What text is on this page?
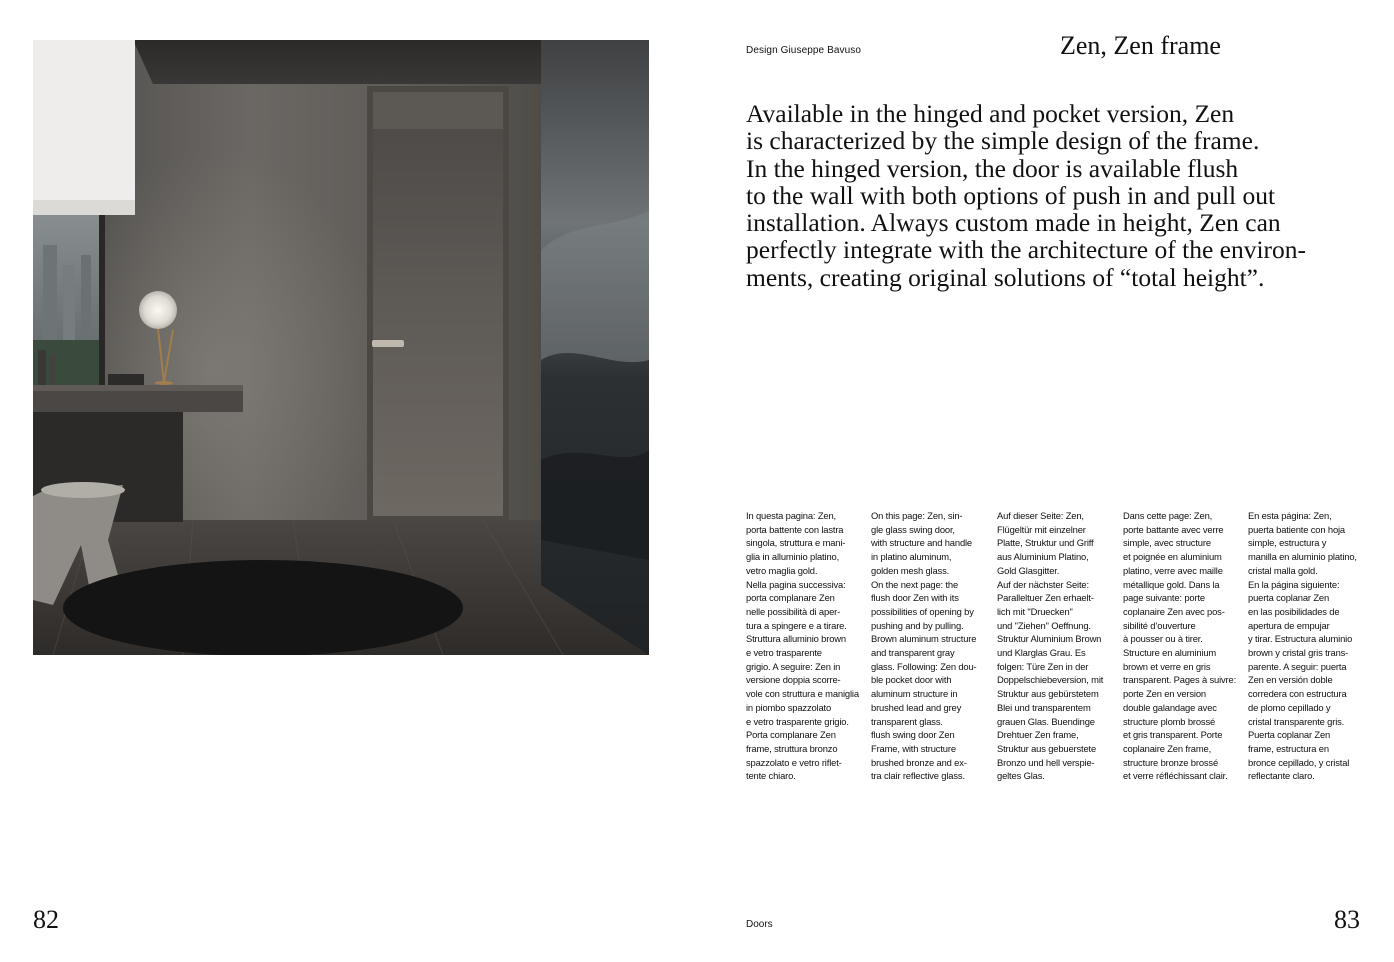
Design Giuseppe Bavuso	Zen, Zen frame
Available in the hinged and pocket version, Zen
is characterized by the simple design of the frame.
In the hinged version, the door is available flush
to the wall with both options of push in and pull out
installation. Always custom made in height, Zen can
perfectly integrate with the architecture of the environ-
ments, creating original solutions of “total height”.
In questa pagina: Zen,
porta battente con lastra
singola, struttura e mani-
glia in alluminio platino,
vetro maglia gold.
Nella pagina successiva:
porta complanare Zen
nelle possibilità di aper-
tura a spingere e a tirare.
Struttura alluminio brown
e vetro trasparente
grigio. A seguire: Zen in
versione doppia scorre-
vole con struttura e maniglia
in piombo spazzolato
e vetro trasparente grigio.
Porta complanare Zen
frame, struttura bronzo
spazzolato e vetro riflet-
tente chiaro.
On this page: Zen, sin-
gle glass swing door,
with structure and handle
in platino aluminum,
golden mesh glass.
On the next page: the
flush door Zen with its
possibilities of opening by
pushing and by pulling.
Brown aluminum structure
and transparent gray
glass. Following: Zen dou-
ble pocket door with
aluminum structure in
brushed lead and grey
transparent glass.
flush swing door Zen
Frame, with structure
brushed bronze and ex-
tra clair reflective glass.
Auf dieser Seite: Zen,
Flügeltür mit einzelner
Platte, Struktur und Griff
aus Aluminium Platino,
Gold Glasgitter.
Auf der nächster Seite:
Paralleltuer Zen erhaelt-
lich mit "Druecken"
und "Ziehen" Oeffnung.
Struktur Aluminium Brown
und Klarglas Grau. Es
folgen: Türe Zen in der
Doppelschiebeversion, mit
Struktur aus gebürstetem
Blei und transparentem
grauen Glas. Buendinge
Drehtuer Zen frame,
Struktur aus gebuerstete
Bronzo und hell verspie-
geltes Glas.
Dans cette page: Zen,
porte battante avec verre
simple, avec structure
et poignée en aluminium
platino, verre avec maille
métallique gold. Dans la
page suivante: porte
coplanaire Zen avec pos-
sibilité d’ouverture
à pousser ou à tirer.
Structure en aluminium
brown et verre en gris
transparent. Pages à suivre:
porte Zen en version
double galandage avec
structure plomb brossé
et gris transparent. Porte
coplanaire Zen frame,
structure bronze brossé
et verre réfléchissant clair.
En esta página: Zen,
puerta batiente con hoja
simple, estructura y
manilla en aluminio platino,
cristal malla gold.
En la página siguiente:
puerta coplanar Zen
en las posibilidades de
apertura de empujar
y tirar. Estructura aluminio
brown y cristal gris trans-
parente. A seguir: puerta
Zen en versión doble
corredera con estructura
de plomo cepillado y
cristal transparente gris.
Puerta coplanar Zen
frame, estructura en
bronce cepillado, y cristal
reflectante claro.
82	Doors	83
